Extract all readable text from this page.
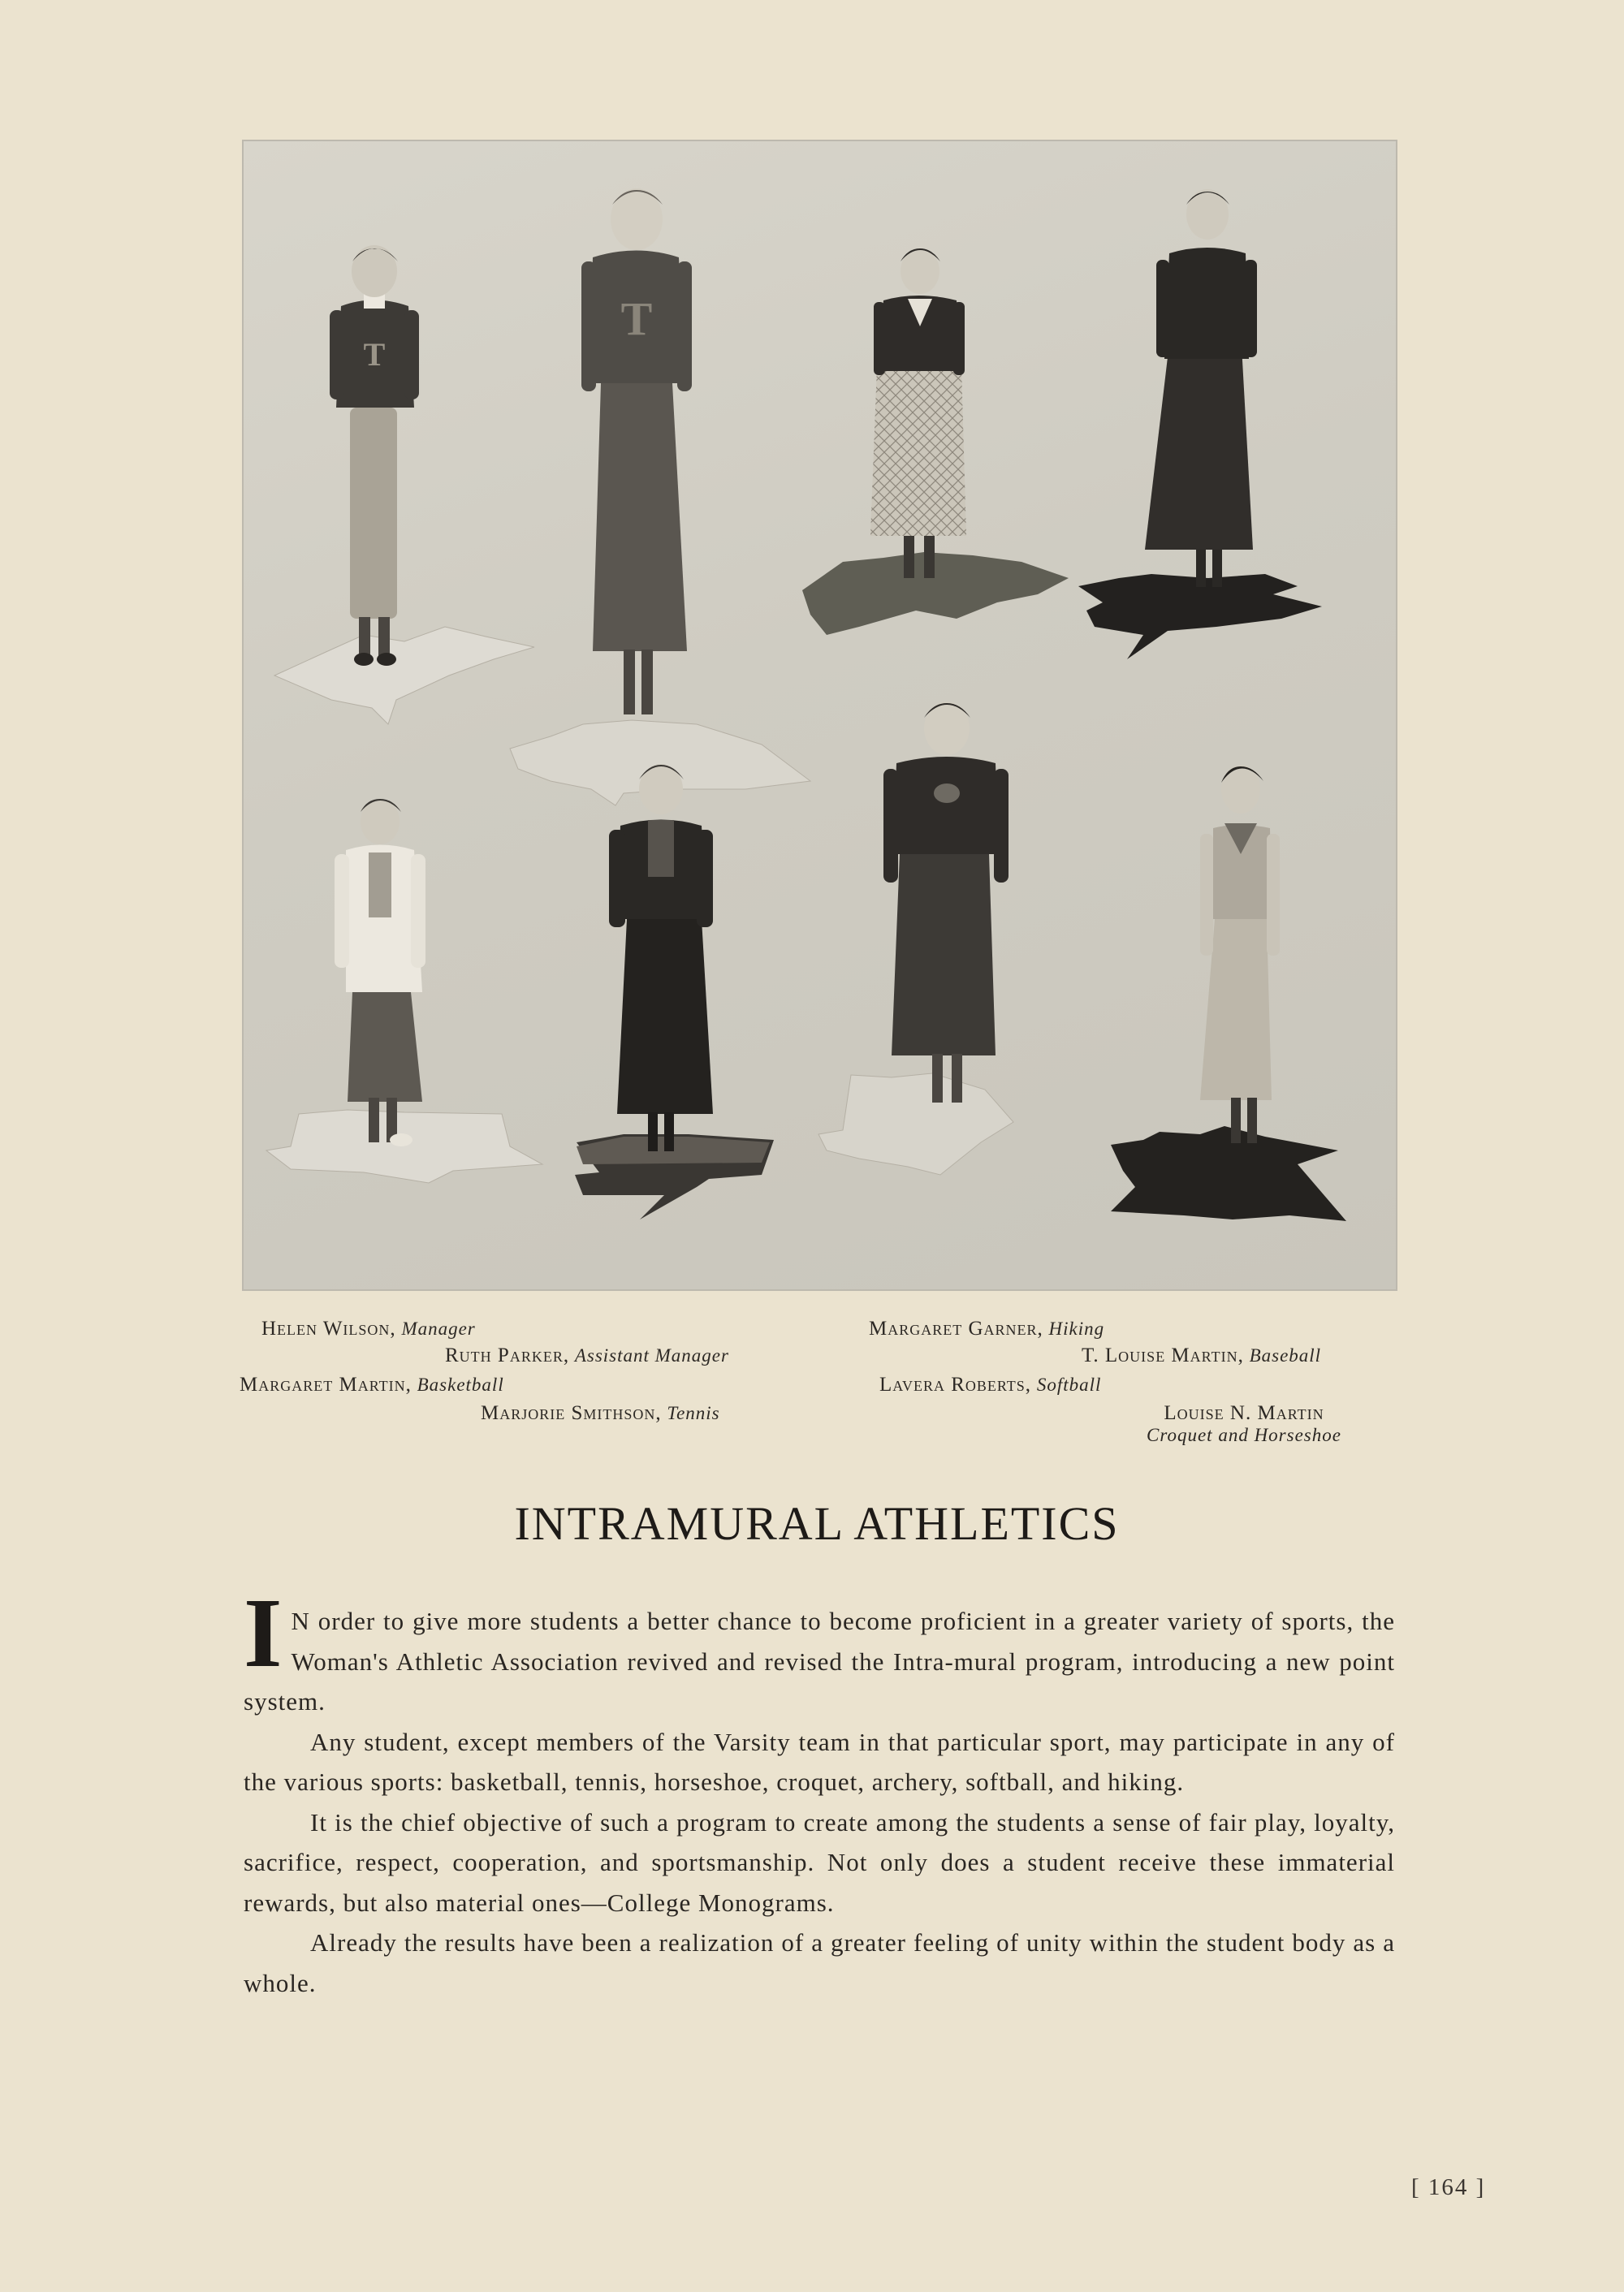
T
T
Helen Wilson, Manager
Ruth Parker, Assistant Manager
Margaret Martin, Basketball
Marjorie Smithson, Tennis
Margaret Garner, Hiking
T. Louise Martin, Baseball
Lavera Roberts, Softball
Louise N. Martin
Croquet and Horseshoe
INTRAMURAL ATHLETICS

I N order to give more students a better chance to become proficient in a greater variety of sports, the Woman's Athletic Association revived and revised the Intra-mural program, introducing a new point system.

Any student, except members of the Varsity team in that particular sport, may participate in any of the various sports: basketball, tennis, horseshoe, croquet, archery, softball, and hiking.

It is the chief objective of such a program to create among the students a sense of fair play, loyalty, sacrifice, respect, cooperation, and sportsmanship. Not only does a student receive these immaterial rewards, but also material ones—College Monograms.

Already the results have been a realization of a greater feeling of unity within the student body as a whole.

[ 164 ]
